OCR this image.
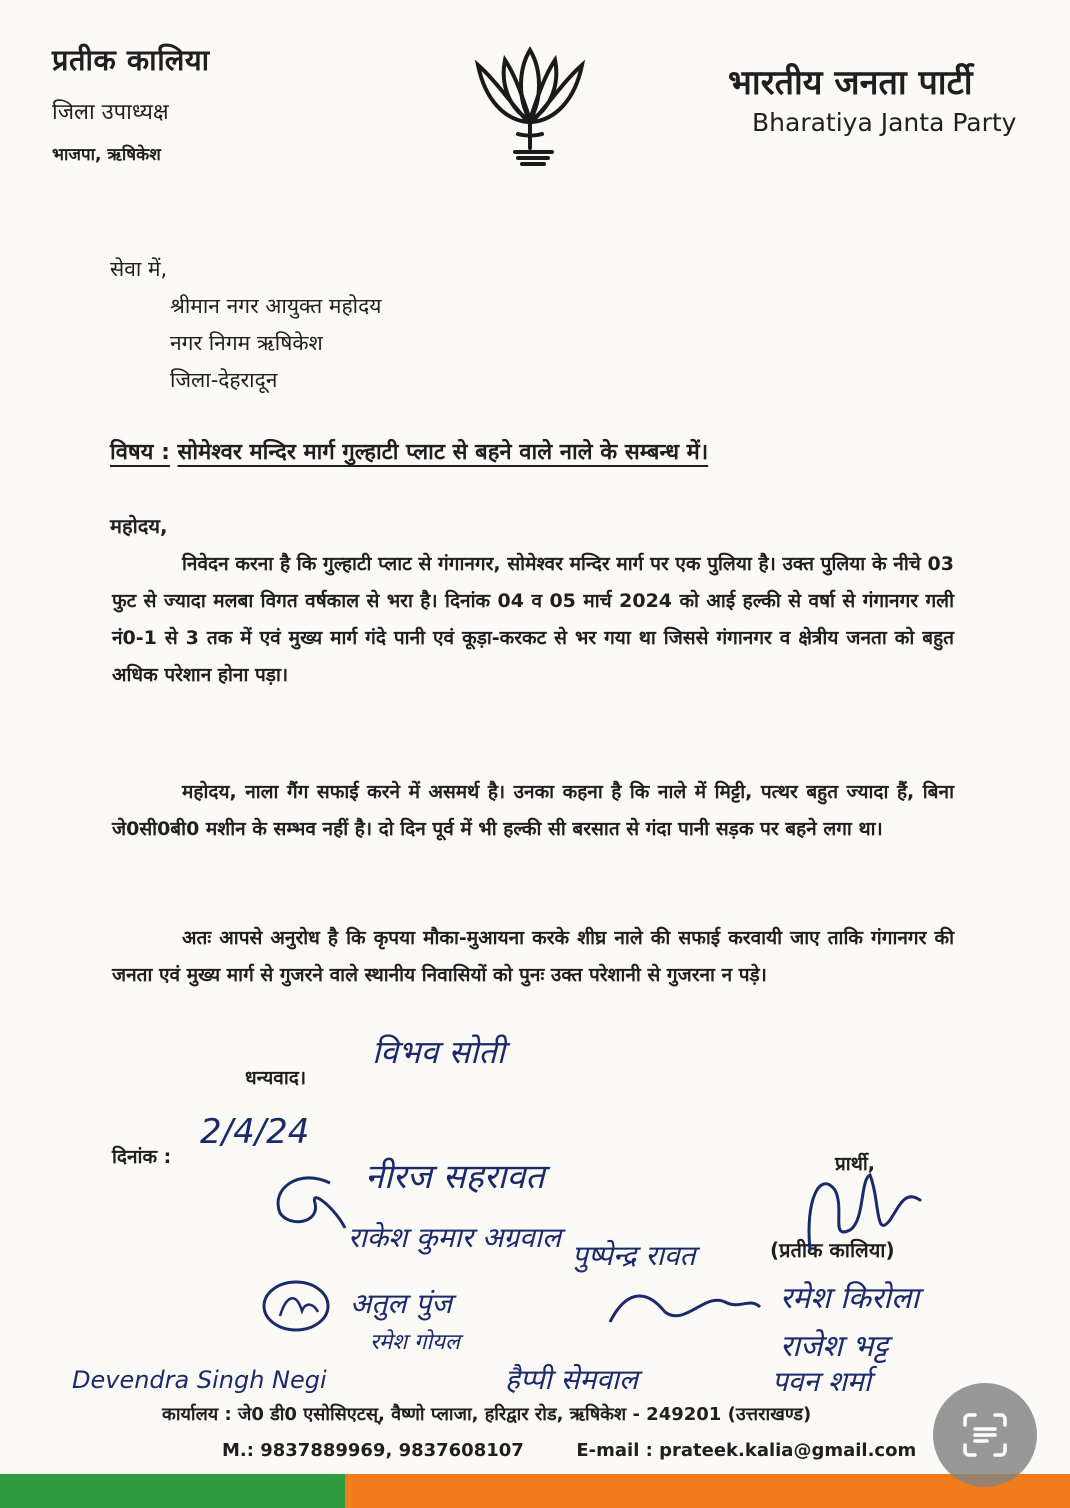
प्रतीक कालिया
जिला उपाध्यक्ष
भाजपा, ऋषिकेश
भारतीय जनता पार्टी
Bharatiya Janta Party
सेवा में,
श्रीमान नगर आयुक्त महोदय
नगर निगम ऋषिकेश
जिला-देहरादून
विषय : सोमेश्वर मन्दिर मार्ग गुल्हाटी प्लाट से बहने वाले नाले के सम्बन्ध में।
महोदय,
निवेदन करना है कि गुल्हाटी प्लाट से गंगानगर, सोमेश्वर मन्दिर मार्ग पर एक पुलिया है। उक्त पुलिया के नीचे 03 फुट से ज्यादा मलबा विगत वर्षकाल से भरा है। दिनांक 04 व 05 मार्च 2024 को आई हल्की से वर्षा से गंगानगर गली नं0-1 से 3 तक में एवं मुख्य मार्ग गंदे पानी एवं कूड़ा-करकट से भर गया था जिससे गंगानगर व क्षेत्रीय जनता को बहुत अधिक परेशान होना पड़ा।
महोदय, नाला गैंग सफाई करने में असमर्थ है। उनका कहना है कि नाले में मिट्टी, पत्थर बहुत ज्यादा हैं, बिना जे0सी0बी0 मशीन के सम्भव नहीं है। दो दिन पूर्व में भी हल्की सी बरसात से गंदा पानी सड़क पर बहने लगा था।
अतः आपसे अनुरोध है कि कृपया मौका-मुआयना करके शीघ्र नाले की सफाई करवायी जाए ताकि गंगानगर की जनता एवं मुख्य मार्ग से गुजरने वाले स्थानीय निवासियों को पुनः उक्त परेशानी से गुजरना न पड़े।
धन्यवाद।
दिनांक :
2/4/24
प्रार्थी,
(प्रतीक कालिया)
विभव सोती
नीरज सहरावत
राकेश कुमार अग्रवाल
पुष्पेन्द्र रावत
अतुल पुंज	रमेश किरोला
राजेश भट्ट
रमेश गोयल
Devendra Singh Negi	हैप्पी सेमवाल	पवन शर्मा
कार्यालय : जे0 डी0 एसोसिएटस्, वैष्णो प्लाजा, हरिद्वार रोड, ऋषिकेश - 249201 (उत्तराखण्ड)
M.: 9837889969, 9837608107	E-mail : prateek.kalia@gmail.com
